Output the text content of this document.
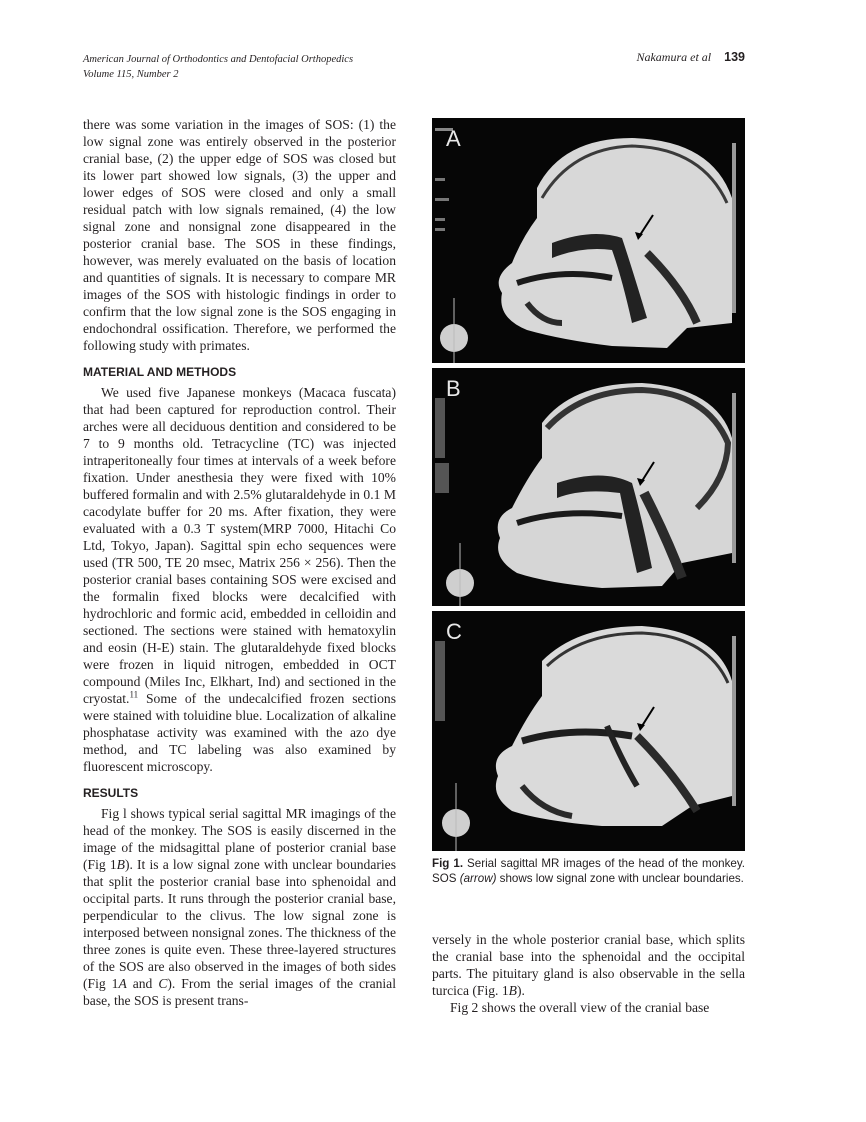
American Journal of Orthodontics and Dentofacial Orthopedics
Volume 115, Number 2
Nakamura et al 139

there was some variation in the images of SOS: (1) the low signal zone was entirely observed in the posterior cranial base, (2) the upper edge of SOS was closed but its lower part showed low signals, (3) the upper and lower edges of SOS were closed and only a small residual patch with low signals remained, (4) the low signal zone and nonsignal zone disappeared in the posterior cranial base. The SOS in these findings, however, was merely evaluated on the basis of location and quantities of signals. It is necessary to compare MR images of the SOS with histologic findings in order to confirm that the low signal zone is the SOS engaging in endochondral ossification. Therefore, we performed the following study with primates.

MATERIAL AND METHODS

We used five Japanese monkeys (Macaca fuscata) that had been captured for reproduction control. Their arches were all deciduous dentition and considered to be 7 to 9 months old. Tetracycline (TC) was injected intraperitoneally four times at intervals of a week before fixation. Under anesthesia they were fixed with 10% buffered formalin and with 2.5% glutaraldehyde in 0.1 M cacodylate buffer for 20 ms. After fixation, they were evaluated with a 0.3 T system(MRP 7000, Hitachi Co Ltd, Tokyo, Japan). Sagittal spin echo sequences were used (TR 500, TE 20 msec, Matrix 256 × 256). Then the posterior cranial bases containing SOS were excised and the formalin fixed blocks were decalcified with hydrochloric and formic acid, embedded in celloidin and sectioned. The sections were stained with hematoxylin and eosin (H-E) stain. The glutaraldehyde fixed blocks were frozen in liquid nitrogen, embedded in OCT compound (Miles Inc, Elkhart, Ind) and sectioned in the cryostat.$^{11}$ Some of the undecalcified frozen sections were stained with toluidine blue. Localization of alkaline phosphatase activity was examined with the azo dye method, and TC labeling was also examined by fluorescent microscopy.

RESULTS

Fig l shows typical serial sagittal MR imagings of the head of the monkey. The SOS is easily discerned in the image of the midsagittal plane of posterior cranial base (Fig 1B). It is a low signal zone with unclear boundaries that split the posterior cranial base into sphenoidal and occipital parts. It runs through the posterior cranial base, perpendicular to the clivus. The low signal zone is interposed between nonsignal zones. The thickness of the three zones is quite even. These three-layered structures of the SOS are also observed in the images of both sides (Fig 1A and C). From the serial images of the cranial base, the SOS is present trans-

A
B
C
Fig 1. Serial sagittal MR images of the head of the monkey. SOS (arrow) shows low signal zone with unclear boundaries.

versely in the whole posterior cranial base, which splits the cranial base into the sphenoidal and the occipital parts. The pituitary gland is also observable in the sella turcica (Fig. 1B).

Fig 2 shows the overall view of the cranial base
